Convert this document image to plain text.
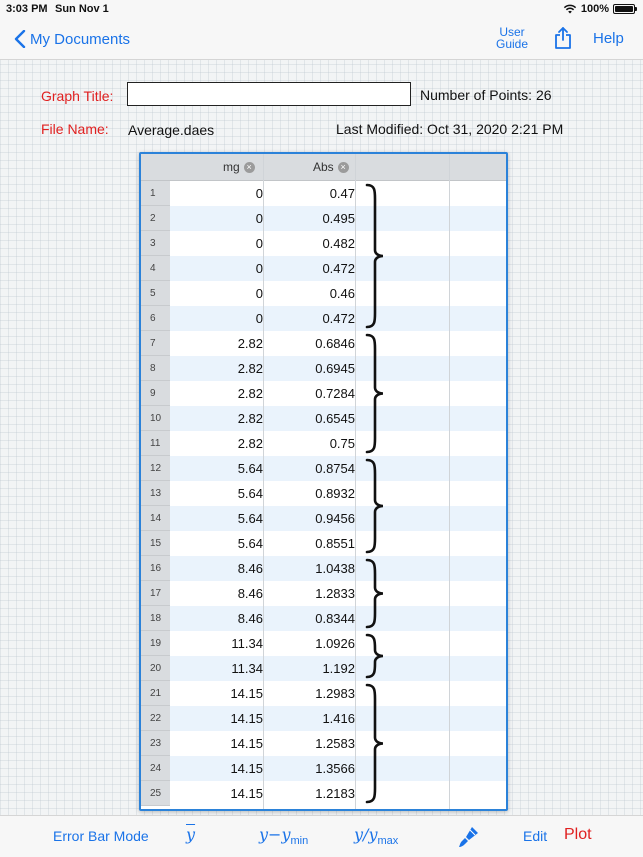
3:03 PM Sun Nov 1	100%
My Documents	User
Guide	Help
Graph Title:	Number of Points: 26
File Name: Average.daes	Last Modified: Oct 31, 2020 2:21 PM
mg ×	Abs ×
1	0	0.47
2	0	0.495
3	0	0.482
4	0	0.472
5	0	0.46
6	0	0.472
7	2.82	0.6846
8	2.82	0.6945
9	2.82	0.7284
10	2.82	0.6545
11	2.82	0.75
12	5.64	0.8754
13	5.64	0.8932
14	5.64	0.9456
15	5.64	0.8551
16	8.46	1.0438
17	8.46	1.2833
18	8.46	0.8344
19	11.34	1.0926
20	11.34	1.192
21	14.15	1.2983
22	14.15	1.416
23	14.15	1.2583
24	14.15	1.3566
25	14.15	1.2183
Error Bar Mode $\overline{y}$	$y-y_{min}$	$y/y_{max}$	Edit Plot
